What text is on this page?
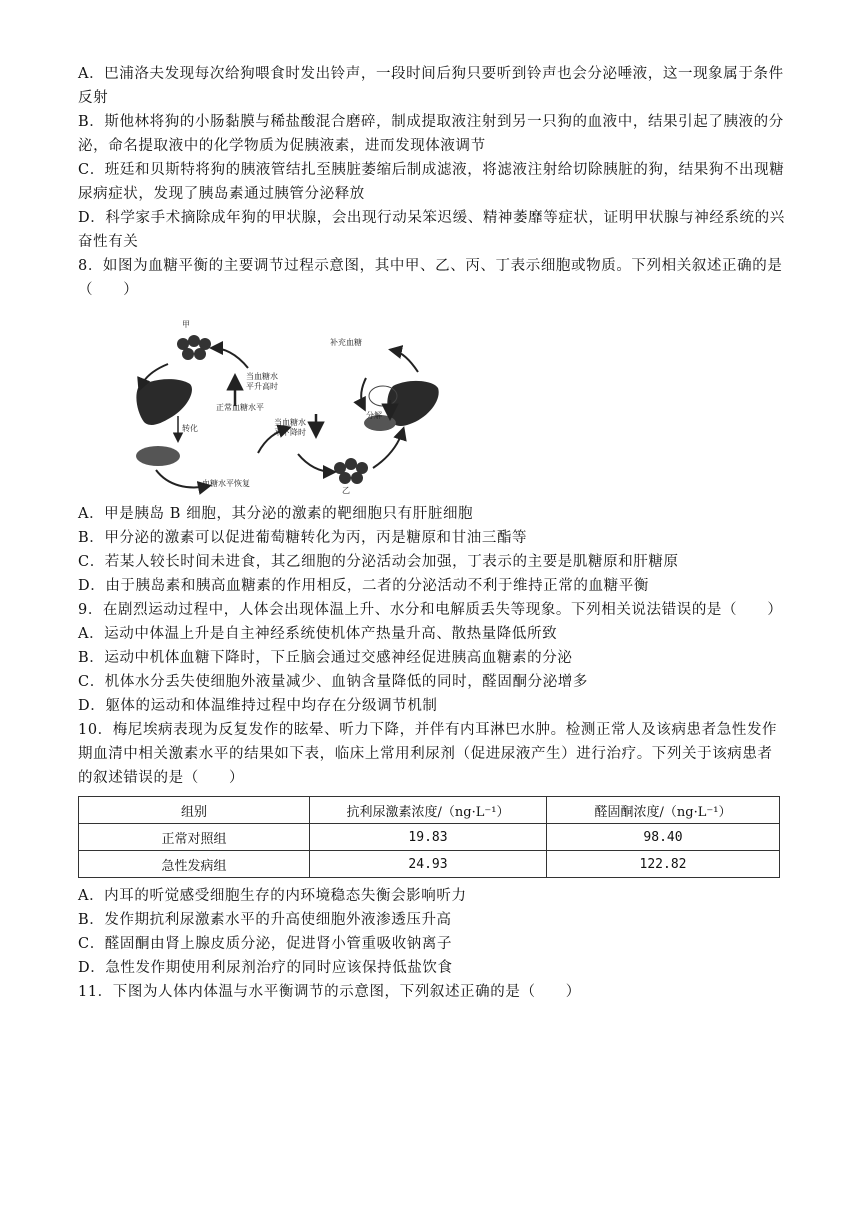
A．巴浦洛夫发现每次给狗喂食时发出铃声，一段时间后狗只要听到铃声也会分泌唾液，这一现象属于条件
反射
B．斯他林将狗的小肠黏膜与稀盐酸混合磨碎，制成提取液注射到另一只狗的血液中，结果引起了胰液的分
泌，命名提取液中的化学物质为促胰液素，进而发现体液调节
C．班廷和贝斯特将狗的胰液管结扎至胰脏萎缩后制成滤液，将滤液注射给切除胰脏的狗，结果狗不出现糖
尿病症状，发现了胰岛素通过胰管分泌释放
D．科学家手术摘除成年狗的甲状腺，会出现行动呆笨迟缓、精神萎靡等症状，证明甲状腺与神经系统的兴
奋性有关
8．如图为血糖平衡的主要调节过程示意图，其中甲、乙、丙、丁表示细胞或物质。下列相关叙述正确的是
（　　）
甲
乙
当血糖水
平升高时
正常血糖水平
当血糖水
平下降时
转化
血糖水平恢复
补充血糖
分解
A．甲是胰岛 B 细胞，其分泌的激素的靶细胞只有肝脏细胞
B．甲分泌的激素可以促进葡萄糖转化为丙，丙是糖原和甘油三酯等
C．若某人较长时间未进食，其乙细胞的分泌活动会加强，丁表示的主要是肌糖原和肝糖原
D．由于胰岛素和胰高血糖素的作用相反，二者的分泌活动不利于维持正常的血糖平衡
9．在剧烈运动过程中，人体会出现体温上升、水分和电解质丢失等现象。下列相关说法错误的是（　　）
A．运动中体温上升是自主神经系统使机体产热量升高、散热量降低所致
B．运动中机体血糖下降时，下丘脑会通过交感神经促进胰高血糖素的分泌
C．机体水分丢失使细胞外液量减少、血钠含量降低的同时，醛固酮分泌增多
D．躯体的运动和体温维持过程中均存在分级调节机制
10．梅尼埃病表现为反复发作的眩晕、听力下降，并伴有内耳淋巴水肿。检测正常人及该病患者急性发作
期血清中相关激素水平的结果如下表，临床上常用利尿剂（促进尿液产生）进行治疗。下列关于该病患者
的叙述错误的是（　　）
组别	抗利尿激素浓度/（ng·L⁻¹）	醛固酮浓度/（ng·L⁻¹）
正常对照组	19.83	98.40
急性发病组	24.93	122.82
A．内耳的听觉感受细胞生存的内环境稳态失衡会影响听力
B．发作期抗利尿激素水平的升高使细胞外液渗透压升高
C．醛固酮由肾上腺皮质分泌，促进肾小管重吸收钠离子
D．急性发作期使用利尿剂治疗的同时应该保持低盐饮食
11．下图为人体内体温与水平衡调节的示意图，下列叙述正确的是（　　）
